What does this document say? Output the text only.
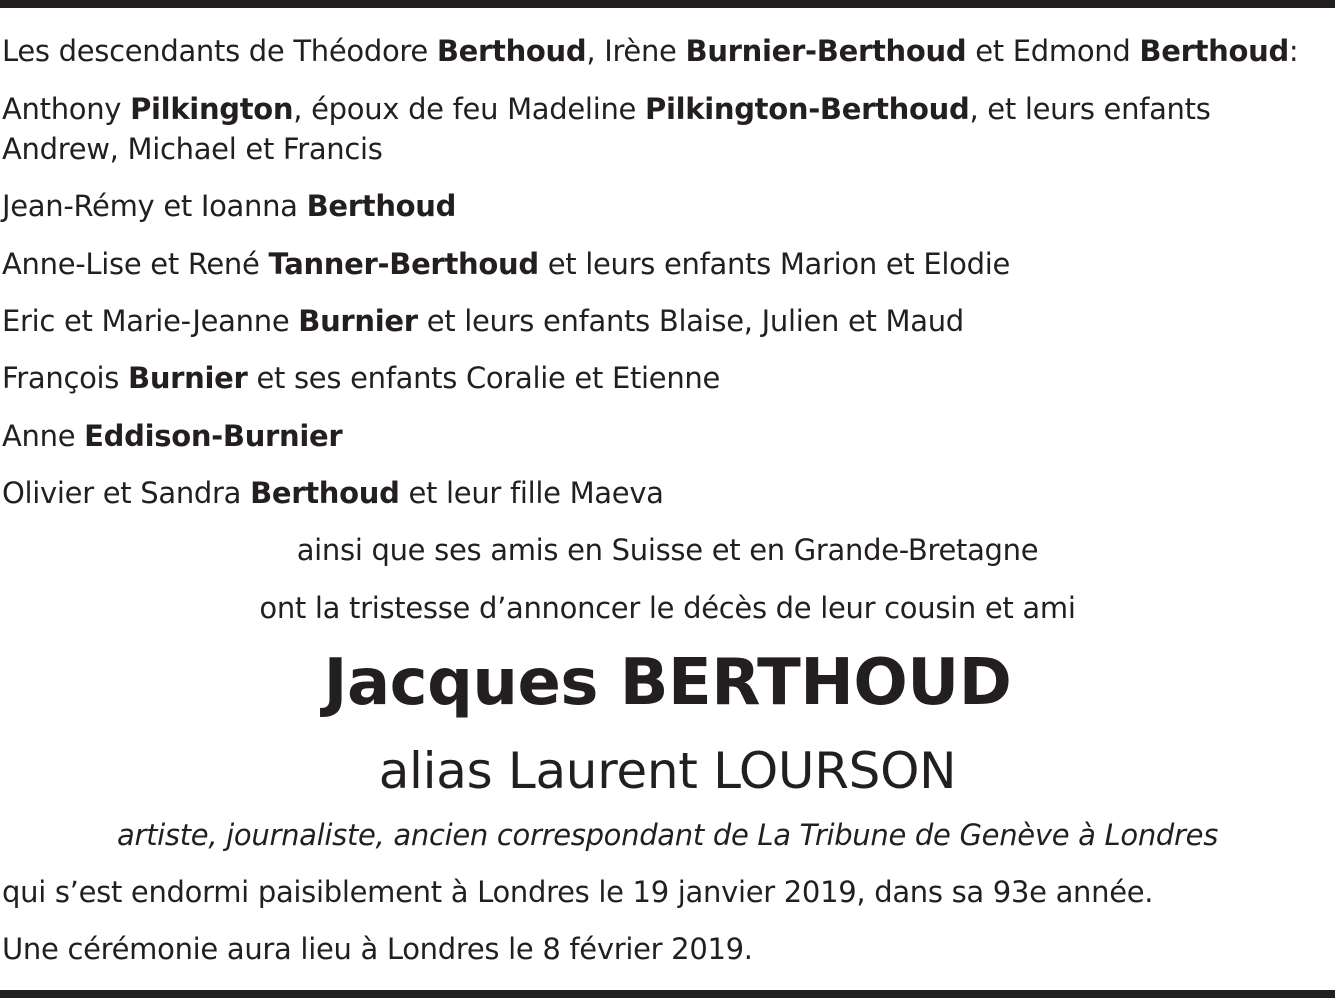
Les descendants de Théodore Berthoud, Irène Burnier-Berthoud et Edmond Berthoud:
Anthony Pilkington, époux de feu Madeline Pilkington-Berthoud, et leurs enfants
Andrew, Michael et Francis
Jean-Rémy et Ioanna Berthoud
Anne-Lise et René Tanner-Berthoud et leurs enfants Marion et Elodie
Eric et Marie-Jeanne Burnier et leurs enfants Blaise, Julien et Maud
François Burnier et ses enfants Coralie et Etienne
Anne Eddison-Burnier
Olivier et Sandra Berthoud et leur fille Maeva
ainsi que ses amis en Suisse et en Grande-Bretagne
ont la tristesse d’annoncer le décès de leur cousin et ami
Jacques BERTHOUD
alias Laurent LOURSON
artiste, journaliste, ancien correspondant de La Tribune de Genève à Londres
qui s’est endormi paisiblement à Londres le 19 janvier 2019, dans sa 93e année.
Une cérémonie aura lieu à Londres le 8 février 2019.
